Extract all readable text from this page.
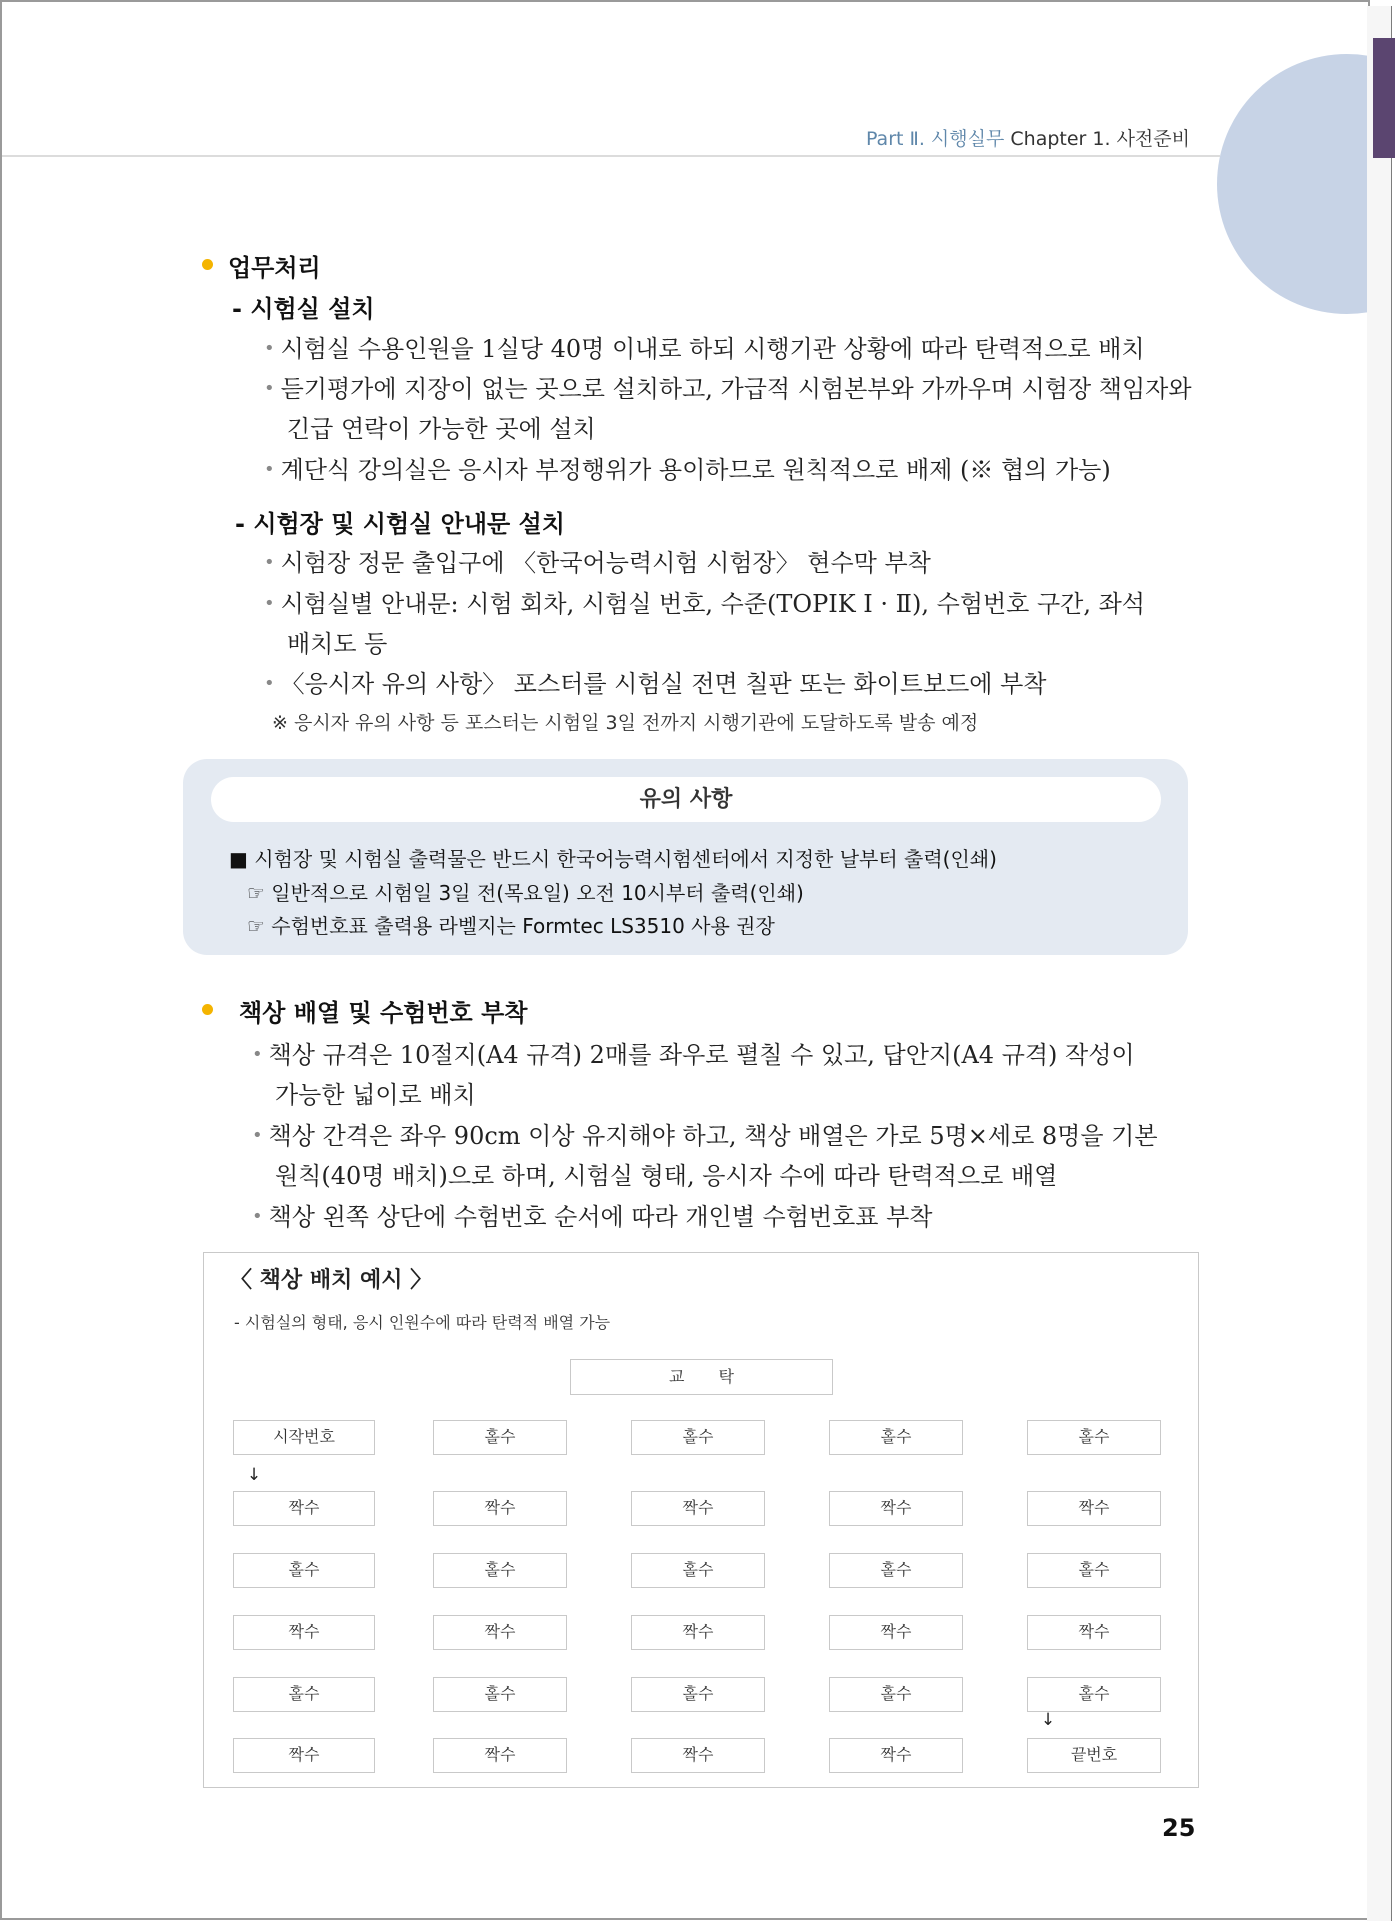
Part Ⅱ. 시행실무 Chapter 1. 사전준비
업무처리
- 시험실 설치
• 시험실 수용인원을 1실당 40명 이내로 하되 시행기관 상황에 따라 탄력적으로 배치
• 듣기평가에 지장이 없는 곳으로 설치하고, 가급적 시험본부와 가까우며 시험장 책임자와
긴급 연락이 가능한 곳에 설치
• 계단식 강의실은 응시자 부정행위가 용이하므로 원칙적으로 배제 (※ 협의 가능)
- 시험장 및 시험실 안내문 설치
• 시험장 정문 출입구에 〈한국어능력시험 시험장〉 현수막 부착
• 시험실별 안내문: 시험 회차, 시험실 번호, 수준(TOPIK Ⅰ · Ⅱ), 수험번호 구간, 좌석
배치도 등
• 〈응시자 유의 사항〉 포스터를 시험실 전면 칠판 또는 화이트보드에 부착
※ 응시자 유의 사항 등 포스터는 시험일 3일 전까지 시행기관에 도달하도록 발송 예정
유의 사항
■ 시험장 및 시험실 출력물은 반드시 한국어능력시험센터에서 지정한 날부터 출력(인쇄)
☞ 일반적으로 시험일 3일 전(목요일) 오전 10시부터 출력(인쇄)
☞ 수험번호표 출력용 라벨지는 Formtec LS3510 사용 권장
책상 배열 및 수험번호 부착
• 책상 규격은 10절지(A4 규격) 2매를 좌우로 펼칠 수 있고, 답안지(A4 규격) 작성이
가능한 넓이로 배치
• 책상 간격은 좌우 90cm 이상 유지해야 하고, 책상 배열은 가로 5명×세로 8명을 기본
원칙(40명 배치)으로 하며, 시험실 형태, 응시자 수에 따라 탄력적으로 배열
• 책상 왼쪽 상단에 수험번호 순서에 따라 개인별 수험번호표 부착
〈 책상 배치 예시 〉
- 시험실의 형태, 응시 인원수에 따라 탄력적 배열 가능
교탁
시작번호	홀수	홀수	홀수	홀수
짝수	짝수	짝수	짝수	짝수
홀수	홀수	홀수	홀수	홀수
짝수	짝수	짝수	짝수	짝수
홀수	홀수	홀수	홀수	홀수
짝수	짝수	짝수	짝수	끝번호
↓
↓
25
